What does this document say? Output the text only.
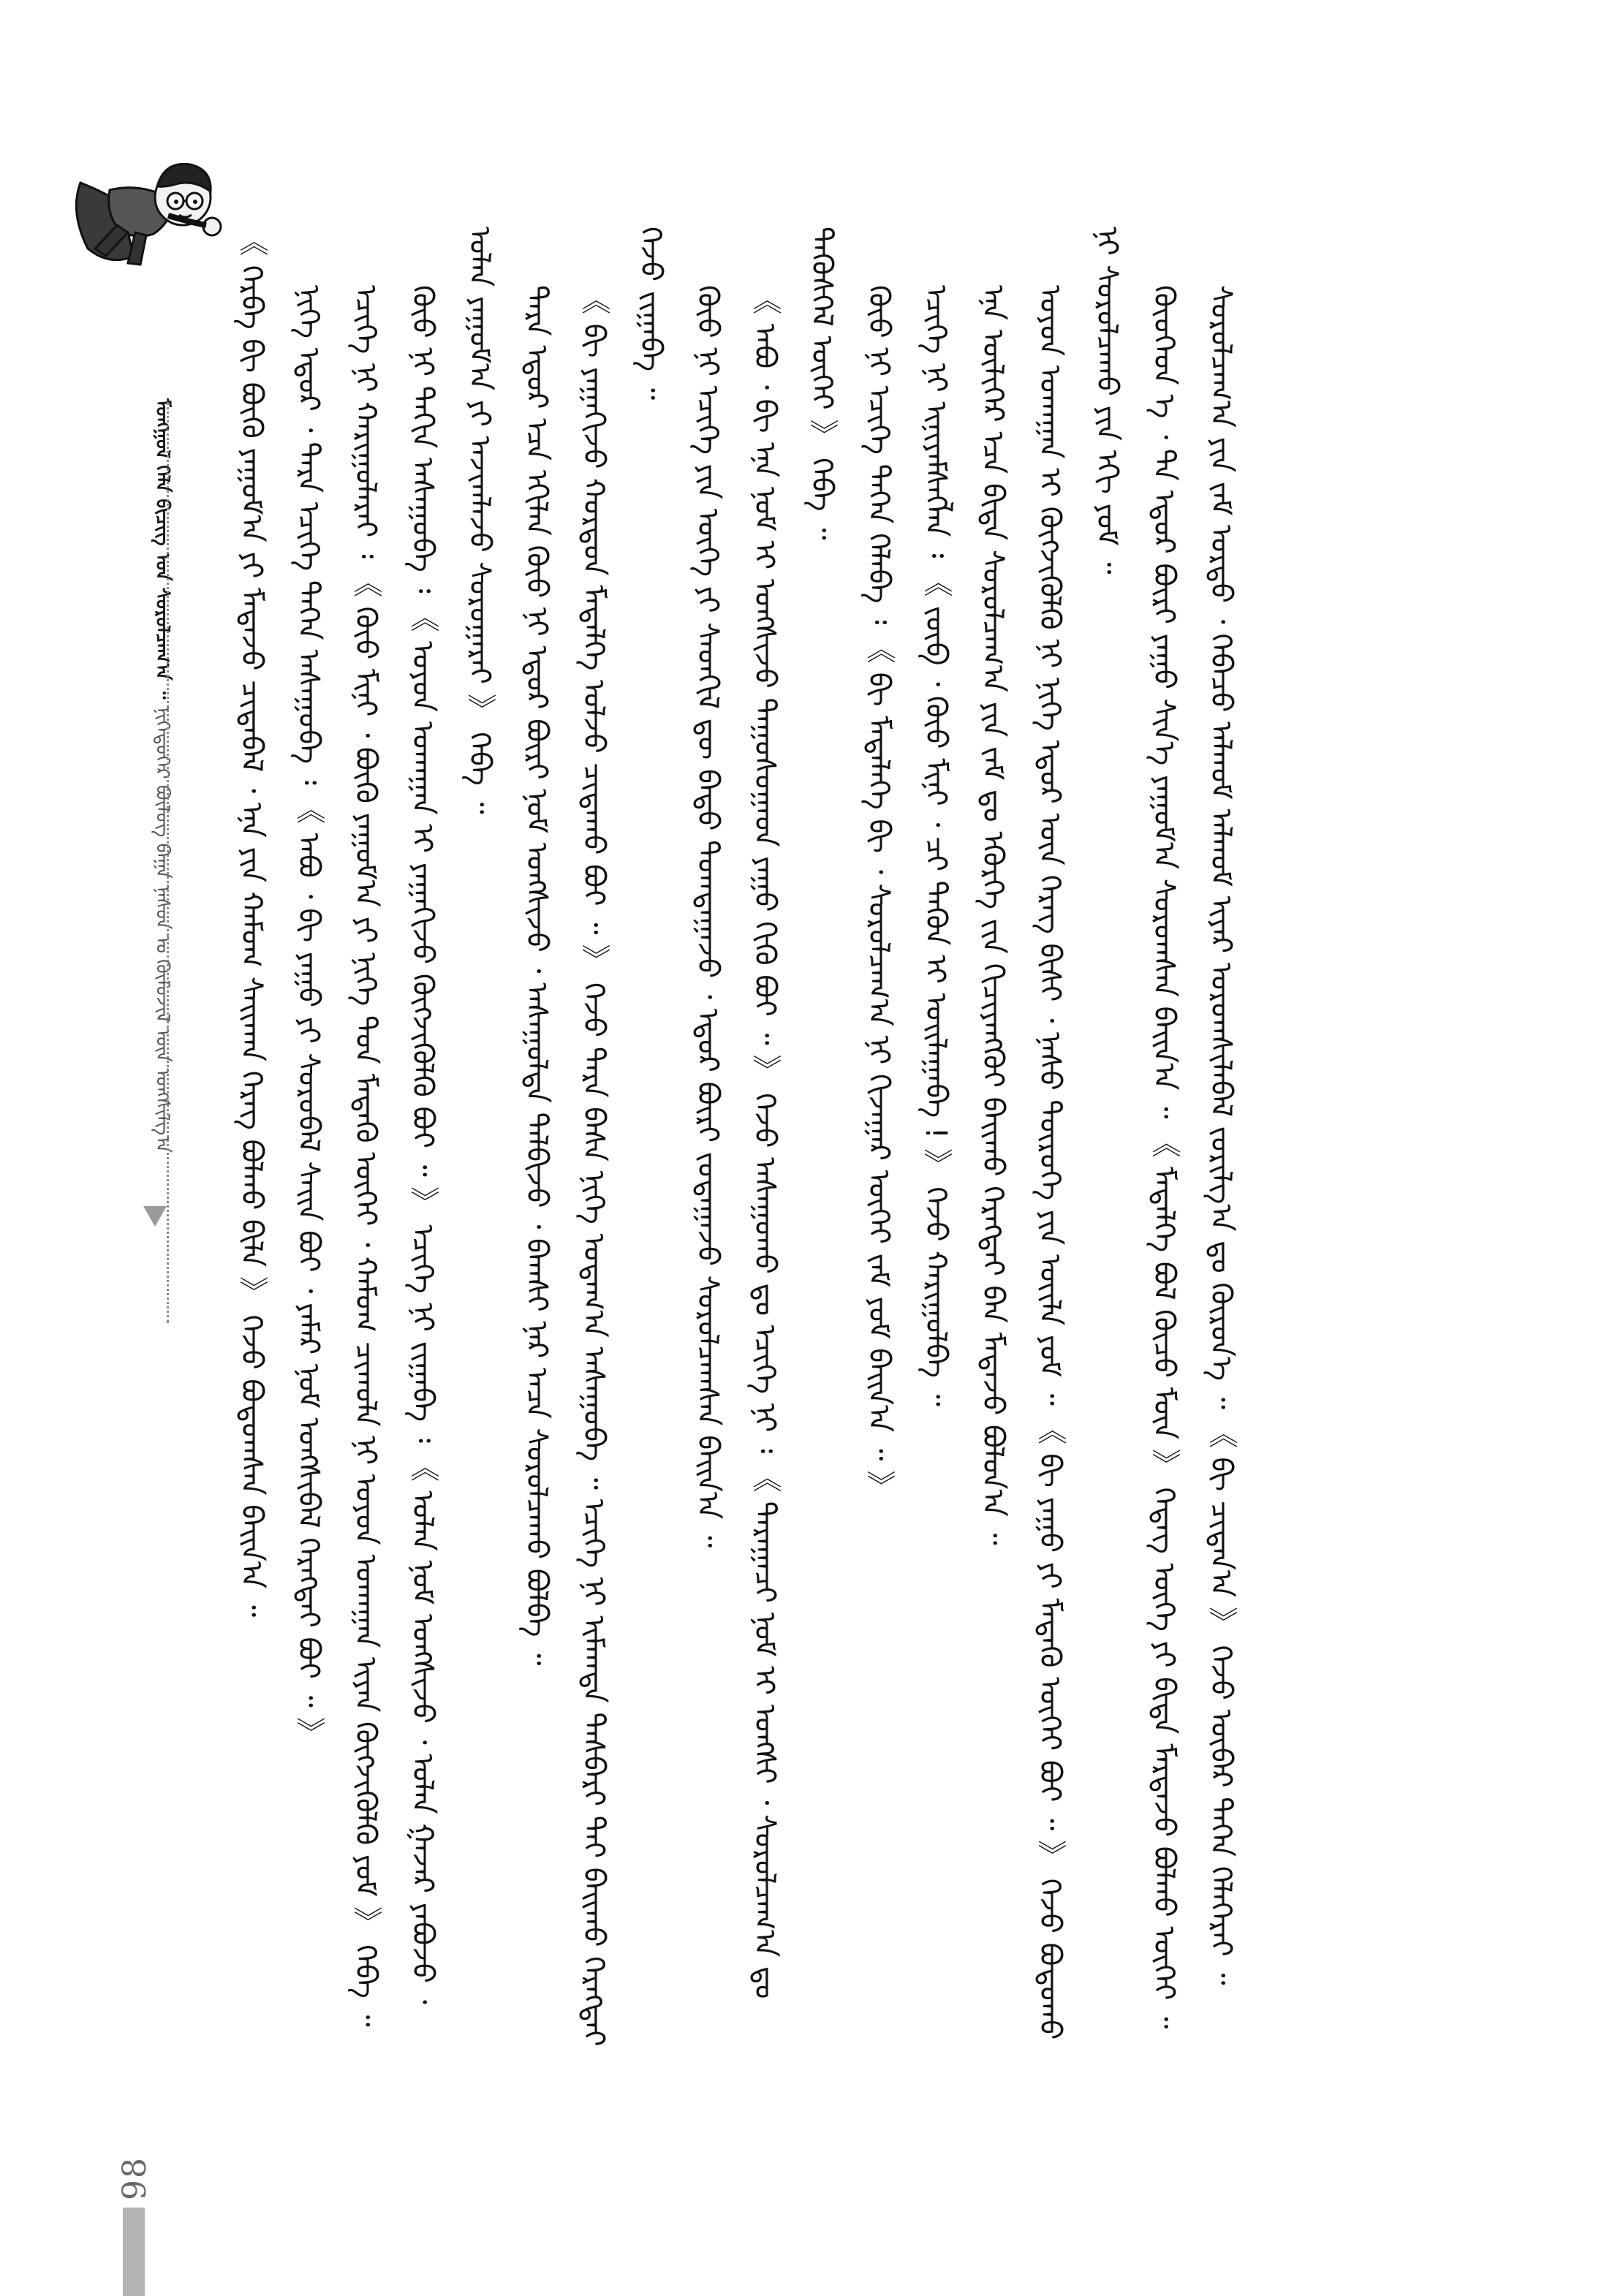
ᠮᠣᠩᠭᠣᠯ ᠬᠡᠯᠡ ᠪᠢᠴᠢᠭ ᠤᠨ ᠰᠤᠷᠤᠯᠴᠠᠭ᠎ᠠ ᠃ ᠨᠢᠭᠡᠳᠦᠭᠡᠷ ᠪᠦᠯᠦᠭ ᠪᠠᠭᠠ ᠨᠠᠰᠤᠨ ᠤ ᠬᠦᠮᠦᠵᠢᠯ ᠦᠨ ᠤᠩᠰᠢᠯᠭ᠎ᠠ
98

《 ᠬᠡᠷᠪᠡ ᠪᠢ ᠪᠦᠬᠦ ᠶᠠᠭᠤᠮ᠎ᠠ ᠶᠢ ᠮᠡᠳᠡᠵᠦ ᠴᠢᠳᠠᠪᠠᠯ ᠂ ᠡᠨᠡ ᠶᠢᠨ ᠬᠠᠮᠤᠭ ᠰᠠᠢᠬᠠᠨ ᠬᠡᠷᠡᠭ ᠪᠣᠯᠬᠤ ᠪᠢᠯᠡ 》 ᠭᠡᠵᠦ ᠪᠣᠳᠣᠭᠰᠠᠨ ᠪᠠᠢᠨ᠎ᠠ ᠃ ᠨᠢᠭᠡ ᠡᠳᠦᠷ ᠂ ᠲᠡᠷᠡ ᠡᠴᠢᠭᠡ ᠳᠡᠭᠡᠨ ᠠᠰᠠᠭᠤᠪᠠ ᠄ 《 ᠠᠪᠤ ᠂ ᠪᠢ ᠶᠠᠭᠤ ᠶᠢ ᠰᠤᠷᠤᠪᠠᠯ ᠰᠠᠢᠨ ᠪᠤᠢ ᠂ ᠶᠠᠮᠠᠷ ᠨᠣᠮ ᠤᠩᠰᠢᠪᠠᠯ ᠬᠡᠷᠡᠭᠲᠡᠢ ᠪᠤᠢ ᠃ 》 ᠡᠴᠢᠭᠡ ᠨᠢ ᠬᠠᠷᠢᠭᠤᠯᠠᠷᠠᠢ ᠄ 《 ᠬᠦᠦ ᠮᠢᠨᠢ ᠂ ᠪᠦᠬᠦ ᠶᠠᠭᠤᠮ᠎ᠠ ᠶᠢ ᠨᠢᠭᠡ ᠳᠤᠨ ᠮᠡᠳᠡᠬᠦ ᠦᠭᠡᠢ ᠂ ᠬᠠᠮᠤᠭ ᠴᠢᠬᠤᠯᠠ ᠨᠢ ᠣᠶᠤᠨ ᠤᠬᠠᠭᠠᠨ ᠢᠶᠠᠨ ᠬᠥᠭᠵᠢᠭᠦᠯᠬᠦ ᠶᠤᠮ 》 ᠭᠡᠪᠡ ᠃ ᠬᠦᠦ ᠨᠢ ᠳᠠᠬᠢᠨ ᠠᠰᠠᠭᠤᠪᠠ ᠄ 《 ᠣᠶᠤᠨ ᠤᠬᠠᠭᠠᠨ ᠢ ᠶᠠᠭᠠᠬᠢᠵᠤ ᠬᠥᠭᠵᠢᠭᠦᠯᠬᠦ ᠪᠤᠢ ᠃ 》 ᠡᠴᠢᠭᠡ ᠨᠢ ᠵᠢᠭᠠᠪᠠ ᠄ 《 ᠣᠯᠠᠨ ᠨᠣᠮ ᠤᠩᠰᠢᠵᠤ ᠂ ᠣᠯᠠᠨ ᠭᠠᠵᠠᠷ ᠶᠠᠪᠤᠵᠤ ᠂ ᠣᠯᠠᠨ ᠶᠠᠭᠤᠮ᠎ᠠ ᠶᠢ ᠠᠵᠢᠭᠯᠠᠵᠤ ᠰᠤᠷᠤᠭᠠᠷᠠᠢ 》 ᠭᠡᠪᠡ ᠃ ᠲᠡᠷᠡ ᠡᠳᠦᠷ ᠡᠴᠡ ᠡᠬᠢᠯᠡᠨ ᠬᠦᠦ ᠨᠢ ᠡᠳᠦᠷ ᠪᠦᠷᠢ ᠨᠣᠮ ᠤᠩᠰᠢᠵᠤ ᠂ ᠠᠰᠠᠭᠤᠯᠲᠠ ᠲᠠᠯᠪᠢᠵᠤ ᠂ ᠪᠠᠭᠰᠢ ᠨᠠᠷ ᠠᠴᠠ ᠰᠤᠷᠤᠯᠴᠠᠬᠤ ᠪᠣᠯᠪᠠ ᠃ 《 ᠪᠢ ᠶᠠᠭᠠᠬᠢᠵᠤ ᠬᠤᠷᠳᠤᠨ ᠮᠡᠳᠡᠯᠭᠡ ᠣᠯᠵᠤ ᠴᠢᠳᠠᠬᠤ ᠪᠤᠢ ᠃ 》 ᠭᠡᠵᠦ ᠲᠡᠷᠡ ᠪᠠᠰᠠ ᠨᠢᠭᠡ ᠤᠳᠠᠭ᠎ᠠ ᠠᠰᠠᠭᠤᠪᠠ ᠃ ᠡᠴᠢᠭᠡ ᠨᠢ ᠢᠮᠠᠭᠳᠠ ᠲᠡᠰᠪᠡᠷᠢ ᠲᠠᠢ ᠪᠠᠢᠬᠤ ᠬᠡᠷᠡᠭᠲᠡᠢ ᠭᠡᠵᠦ ᠵᠢᠭᠠᠪᠠ ᠃ ᠬᠦᠦ ᠨᠢ ᠡᠴᠢᠭᠡ ᠶᠢᠨ ᠦᠭᠡ ᠶᠢ ᠰᠡᠳᠬᠢᠯ ᠳᠦ ᠪᠠᠲᠤ ᠲᠣᠭᠲᠠᠭᠠᠵᠤ ᠂ ᠡᠳᠦᠷ ᠪᠦᠷᠢ ᠵᠣᠲᠠᠭᠠᠵᠤ ᠰᠤᠷᠤᠯᠴᠠᠭᠰᠠᠨ ᠪᠠᠢᠨ᠎ᠠ ᠃ 《 ᠠᠪᠤ ᠂ ᠪᠢ ᠡᠨᠡ ᠨᠣᠮ ᠢ ᠤᠩᠰᠢᠵᠤ ᠳᠠᠭᠤᠰᠤᠭᠠᠳ ᠶᠠᠭᠤ ᠬᠢᠬᠦ ᠪᠤᠢ ᠃ 》 ᠭᠡᠵᠦ ᠠᠰᠠᠭᠤᠬᠤ ᠳᠤ ᠡᠴᠢᠭᠡ ᠨᠢ ᠄ 《 ᠳᠠᠷᠠᠭᠠᠴᠢ ᠨᠣᠮ ᠢ ᠤᠩᠰᠢ ᠂ ᠰᠤᠷᠤᠯᠴᠠᠭ᠎ᠠ ᠳᠤ ᠲᠡᠭᠦᠰᠬᠡᠯ ᠦᠭᠡᠢ 》 ᠭᠡᠪᠡ ᠃ ᠬᠦᠦ ᠨᠢ ᠡᠴᠢᠭᠡ ᠳᠡᠭᠡᠨ ᠬᠡᠯᠡᠪᠡ ᠄ 《 ᠪᠢ ᠮᠡᠳᠡᠯᠡᠭᠡ ᠪᠢ ᠂ ᠰᠤᠷᠤᠯᠴᠠᠭ᠎ᠠ ᠨᠢ ᠬᠢᠵᠠᠭᠠᠷ ᠦᠭᠡᠢ ᠵᠠᠮ ᠶᠤᠮ ᠪᠠᠢᠨ᠎ᠠ ᠃ 》 ᠡᠴᠢᠭᠡ ᠨᠢ ᠢᠨᠢᠶᠡᠮᠰᠡᠭᠯᠡᠨ ᠄ 《 ᠵᠦᠪ ᠂ ᠬᠦᠦ ᠮᠢᠨᠢ ᠂ ᠴᠢ ᠲᠡᠭᠦᠨ ᠢ ᠣᠢᠯᠠᠭᠠᠪᠠ ! 》 ᠭᠡᠵᠦ ᠬᠠᠷᠢᠭᠤᠯᠪᠠ ᠃ ᠡᠨᠡ ᠦᠯᠢᠭᠡᠷ ᠡᠴᠡ ᠪᠢᠳᠡ ᠰᠤᠷᠤᠯᠴᠠᠭ᠎ᠠ ᠶᠢᠨ ᠵᠠᠮ ᠳᠤ ᠡᠭᠦᠷᠭᠡ ᠵᠢᠨ ᠬᠢᠴᠢᠶᠡᠩᠭᠦᠢ ᠪᠠᠢᠬᠤ ᠬᠡᠷᠡᠭᠲᠡᠢ ᠪᠡᠨ ᠮᠡᠳᠡᠵᠦ ᠪᠣᠯᠤᠨ᠎ᠠ ᠃ ᠣᠶᠤᠨ ᠤᠬᠠᠭᠠᠨ ᠢ ᠬᠥᠭᠵᠢᠭᠦᠯᠬᠦ ᠨᠢ ᠨᠢᠭᠡ ᠡᠳᠦᠷ ᠦᠨ ᠬᠡᠷᠡᠭ ᠪᠢᠰᠢ ᠂ ᠨᠠᠰᠤ ᠲᠦᠷᠦᠭᠡ ᠶᠢᠨ ᠦᠢᠯᠡ ᠶᠤᠮ ᠃ 《 ᠪᠢ ᠶᠠᠭᠤ ᠶᠢ ᠮᠡᠳᠡᠬᠦ ᠦᠭᠡᠢ ᠪᠤᠢ ᠃ 》 ᠭᠡᠵᠦ ᠪᠣᠳᠣᠬᠤ ᠨᠢ ᠰᠤᠷᠤᠯᠴᠠᠬᠤ ᠶᠢᠨ ᠡᠬᠢ ᠶᠤᠮ ᠃ ᠬᠦᠦᠬᠡᠳ ᠡ ᠂ ᠲᠠ ᠡᠳᠦᠷ ᠪᠦᠷᠢ ᠶᠠᠭᠤ ᠰᠢᠨ᠎ᠡ ᠶᠠᠭᠤᠮ᠎ᠠ ᠰᠤᠷᠤᠭᠰᠠᠨ ᠪᠠᠢᠨ᠎ᠠ ᠃ 《 ᠮᠡᠳᠡᠯᠭᠡ ᠪᠣᠯ ᠬᠦᠴᠦ ᠮᠥᠨ 》 ᠭᠡᠳᠡᠭ ᠦᠭᠡ ᠶᠢ ᠪᠢᠳᠡ ᠮᠠᠷᠳᠠᠵᠤ ᠪᠣᠯᠬᠤ ᠦᠭᠡᠢ ᠃ ᠰᠤᠷᠤᠯᠴᠠᠭ᠎ᠠ ᠶᠢᠨ ᠵᠠᠮ ᠤᠷᠲᠤ ᠂ ᠭᠡᠪᠡᠴᠦ ᠠᠯᠬᠤᠮ ᠠᠯᠬᠤᠮ ᠢᠶᠠᠷ ᠤᠷᠤᠭᠰᠢᠯᠠᠪᠠᠯ ᠵᠣᠷᠢᠯᠭ᠎ᠠ ᠳᠤ ᠬᠦᠷᠦᠨ᠎ᠡ ᠃ 《 ᠪᠢ ᠴᠢᠳᠠᠨ᠎ᠠ 》 ᠭᠡᠵᠦ ᠥᠪᠡᠷ ᠲᠡᠭᠡᠨ ᠬᠡᠯᠡᠭᠡᠷᠡᠢ ᠃
